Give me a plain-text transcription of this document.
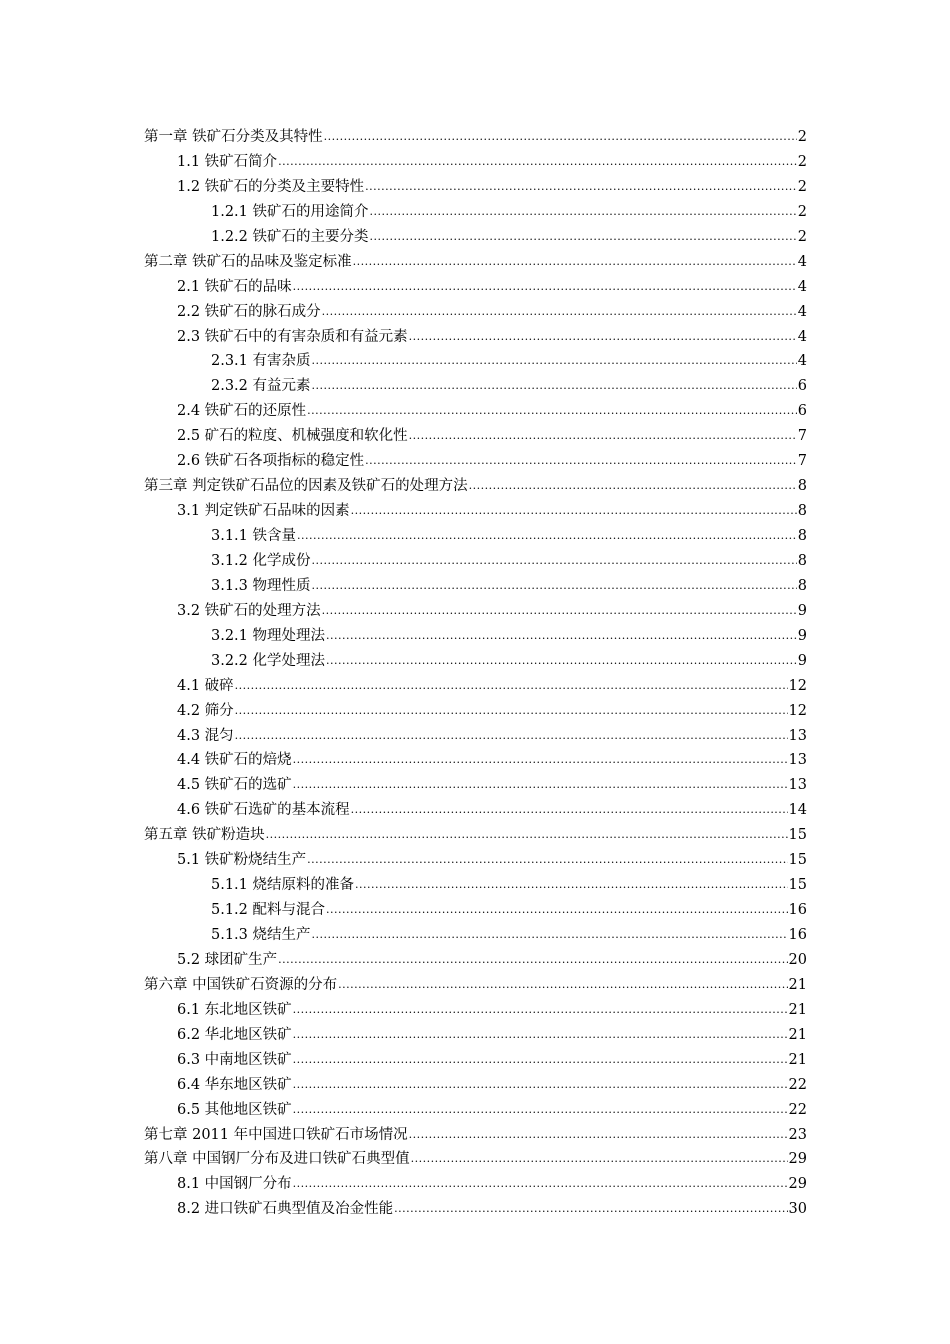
第一章 铁矿石分类及其特性 .....	2
1.1 铁矿石简介 .....	2
1.2 铁矿石的分类及主要特性 .....	2
1.2.1 铁矿石的用途简介 .....	2
1.2.2 铁矿石的主要分类 .....	2
第二章 铁矿石的品味及鉴定标准 .....	4
2.1 铁矿石的品味 .....	4
2.2 铁矿石的脉石成分 .....	4
2.3 铁矿石中的有害杂质和有益元素 .....	4
2.3.1 有害杂质 .....	4
2.3.2 有益元素 .....	6
2.4 铁矿石的还原性 .....	6
2.5 矿石的粒度、机械强度和软化性 .....	7
2.6 铁矿石各项指标的稳定性 .....	7
第三章 判定铁矿石品位的因素及铁矿石的处理方法 .....	8
3.1 判定铁矿石品味的因素 .....	8
3.1.1 铁含量 .....	8
3.1.2 化学成份 .....	8
3.1.3 物理性质 .....	8
3.2 铁矿石的处理方法 .....	9
3.2.1 物理处理法 .....	9
3.2.2 化学处理法 .....	9
4.1 破碎 .....	12
4.2 筛分 .....	12
4.3 混匀 .....	13
4.4 铁矿石的焙烧 .....	13
4.5 铁矿石的选矿 .....	13
4.6 铁矿石选矿的基本流程 .....	14
第五章 铁矿粉造块 .....	15
5.1 铁矿粉烧结生产 .....	15
5.1.1 烧结原料的准备 .....	15
5.1.2 配料与混合 .....	16
5.1.3 烧结生产 .....	16
5.2 球团矿生产 .....	20
第六章 中国铁矿石资源的分布 .....	21
6.1 东北地区铁矿 .....	21
6.2 华北地区铁矿 .....	21
6.3 中南地区铁矿 .....	21
6.4 华东地区铁矿 .....	22
6.5 其他地区铁矿 .....	22
第七章 2011 年中国进口铁矿石市场情况 .....	23
第八章 中国钢厂分布及进口铁矿石典型值 .....	29
8.1 中国钢厂分布 .....	29
8.2 进口铁矿石典型值及冶金性能 .....	30
